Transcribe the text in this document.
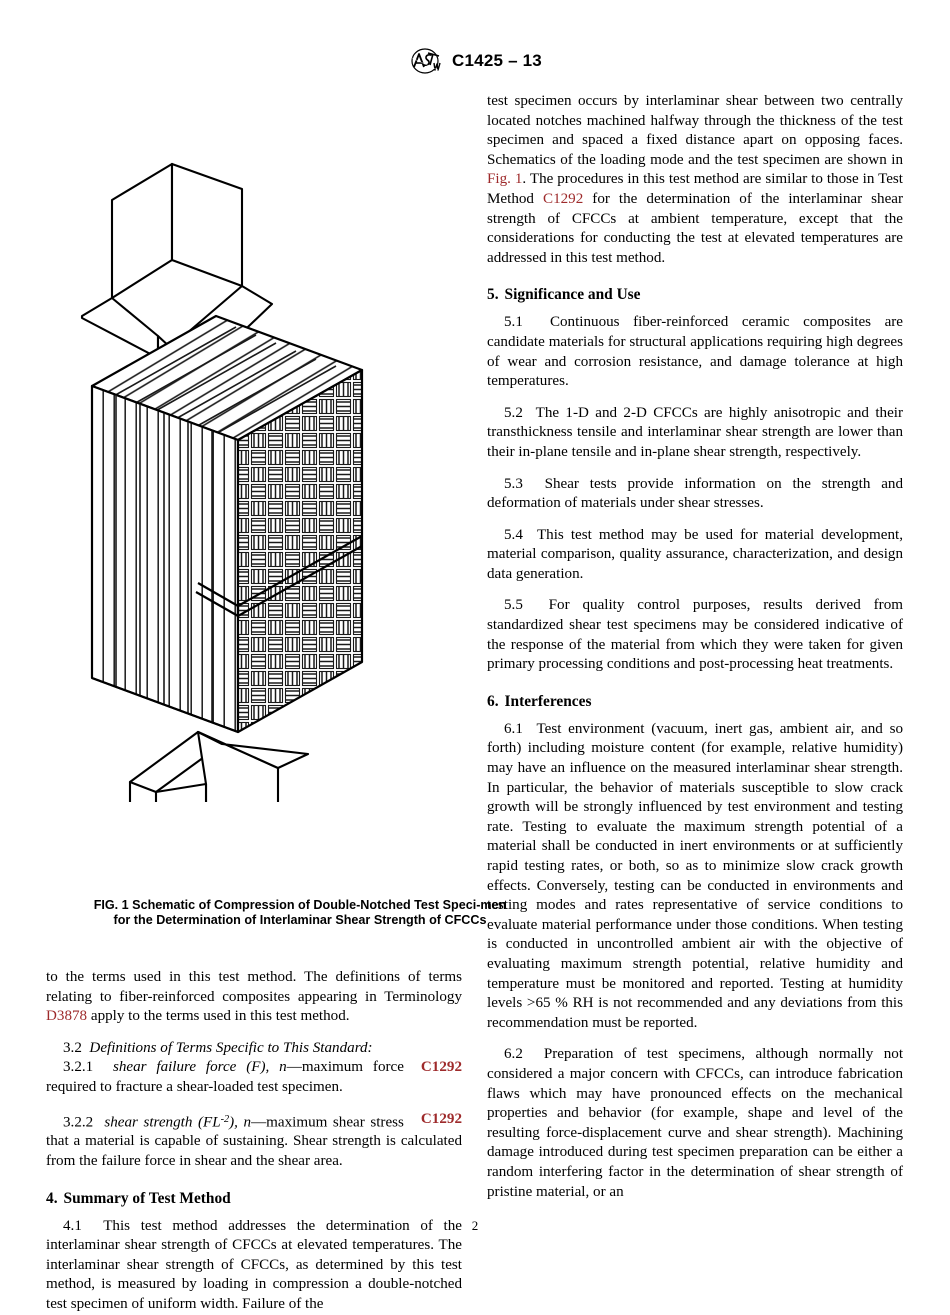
C1425 – 13
FIG. 1 Schematic of Compression of Double-Notched Test Speci-men for the Determination of Interlaminar Shear Strength of CFCCs

to the terms used in this test method. The definitions of terms relating to fiber-reinforced composites appearing in Terminology D3878 apply to the terms used in this test method.

3.2 Definitions of Terms Specific to This Standard:

C1292
3.2.1 shear failure force (F), n—maximum force required to fracture a shear-loaded test specimen.

C1292
3.2.2 shear strength $(FL^{-2})$, n—maximum shear stress that a material is capable of sustaining. Shear strength is calculated from the failure force in shear and the shear area.

4. Summary of Test Method

4.1 This test method addresses the determination of the interlaminar shear strength of CFCCs at elevated temperatures. The interlaminar shear strength of CFCCs, as determined by this test method, is measured by loading in compression a double-notched test specimen of uniform width. Failure of the

test specimen occurs by interlaminar shear between two centrally located notches machined halfway through the thickness of the test specimen and spaced a fixed distance apart on opposing faces. Schematics of the loading mode and the test specimen are shown in Fig. 1. The procedures in this test method are similar to those in Test Method C1292 for the determination of the interlaminar shear strength of CFCCs at ambient temperature, except that the considerations for conducting the test at elevated temperatures are addressed in this test method.

5. Significance and Use

5.1 Continuous fiber-reinforced ceramic composites are candidate materials for structural applications requiring high degrees of wear and corrosion resistance, and damage tolerance at high temperatures.

5.2 The 1-D and 2-D CFCCs are highly anisotropic and their transthickness tensile and interlaminar shear strength are lower than their in-plane tensile and in-plane shear strength, respectively.

5.3 Shear tests provide information on the strength and deformation of materials under shear stresses.

5.4 This test method may be used for material development, material comparison, quality assurance, characterization, and design data generation.

5.5 For quality control purposes, results derived from standardized shear test specimens may be considered indicative of the response of the material from which they were taken for given primary processing conditions and post-processing heat treatments.

6. Interferences

6.1 Test environment (vacuum, inert gas, ambient air, and so forth) including moisture content (for example, relative humidity) may have an influence on the measured interlaminar shear strength. In particular, the behavior of materials susceptible to slow crack growth will be strongly influenced by test environment and testing rate. Testing to evaluate the maximum strength potential of a material shall be conducted in inert environments or at sufficiently rapid testing rates, or both, so as to minimize slow crack growth effects. Conversely, testing can be conducted in environments and testing modes and rates representative of service conditions to evaluate material performance under those conditions. When testing is conducted in uncontrolled ambient air with the objective of evaluating maximum strength potential, relative humidity and temperature must be monitored and reported. Testing at humidity levels >65 % RH is not recommended and any deviations from this recommendation must be reported.

6.2 Preparation of test specimens, although normally not considered a major concern with CFCCs, can introduce fabrication flaws which may have pronounced effects on the mechanical properties and behavior (for example, shape and level of the resulting force-displacement curve and shear strength). Machining damage introduced during test specimen preparation can be either a random interfering factor in the determination of shear strength of pristine material, or an

2
